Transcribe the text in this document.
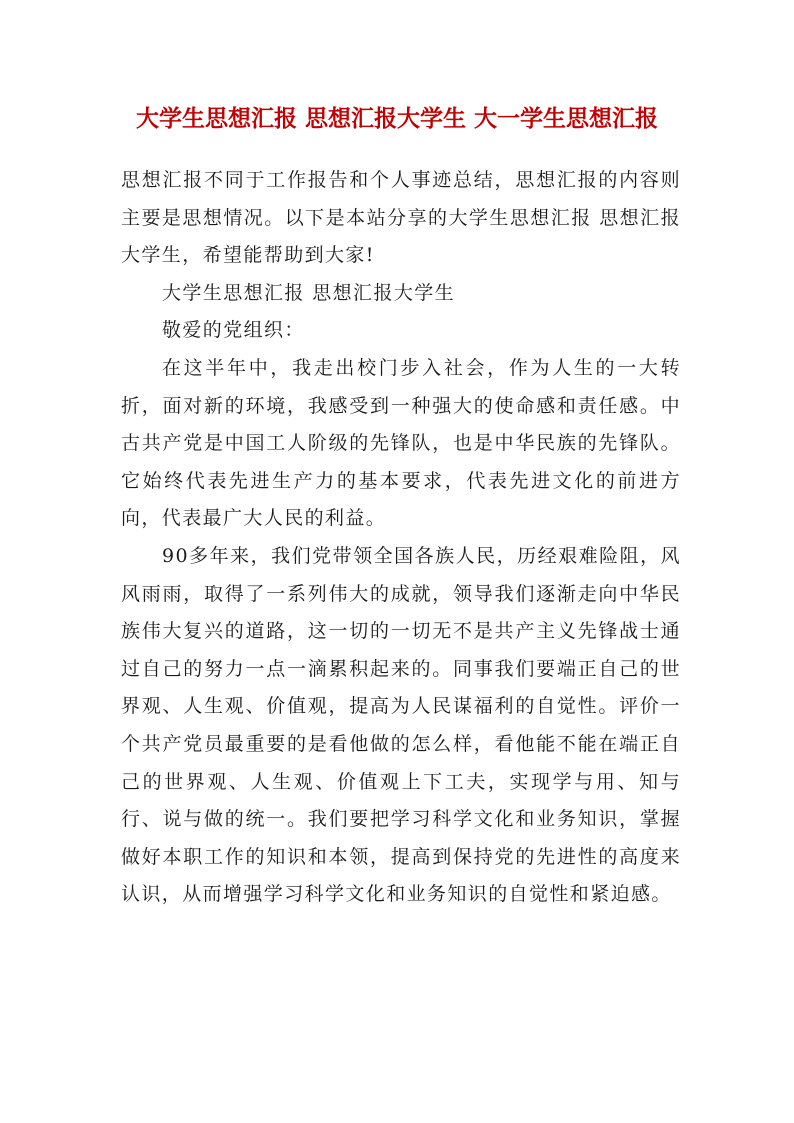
大学生思想汇报 思想汇报大学生 大一学生思想汇报

思想汇报不同于工作报告和个人事迹总结，思想汇报的内容则主要是思想情况。以下是本站分享的大学生思想汇报 思想汇报大学生，希望能帮助到大家!

大学生思想汇报 思想汇报大学生

敬爱的党组织：

在这半年中，我走出校门步入社会，作为人生的一大转折，面对新的环境，我感受到一种强大的使命感和责任感。中古共产党是中国工人阶级的先锋队，也是中华民族的先锋队。它始终代表先进生产力的基本要求，代表先进文化的前进方向，代表最广大人民的利益。

90多年来，我们党带领全国各族人民，历经艰难险阻，风风雨雨，取得了一系列伟大的成就，领导我们逐渐走向中华民族伟大复兴的道路，这一切的一切无不是共产主义先锋战士通过自己的努力一点一滴累积起来的。同事我们要端正自己的世界观、人生观、价值观，提高为人民谋福利的自觉性。评价一个共产党员最重要的是看他做的怎么样，看他能不能在端正自己的世界观、人生观、价值观上下工夫，实现学与用、知与行、说与做的统一。我们要把学习科学文化和业务知识，掌握做好本职工作的知识和本领，提高到保持党的先进性的高度来认识，从而增强学习科学文化和业务知识的自觉性和紧迫感。
